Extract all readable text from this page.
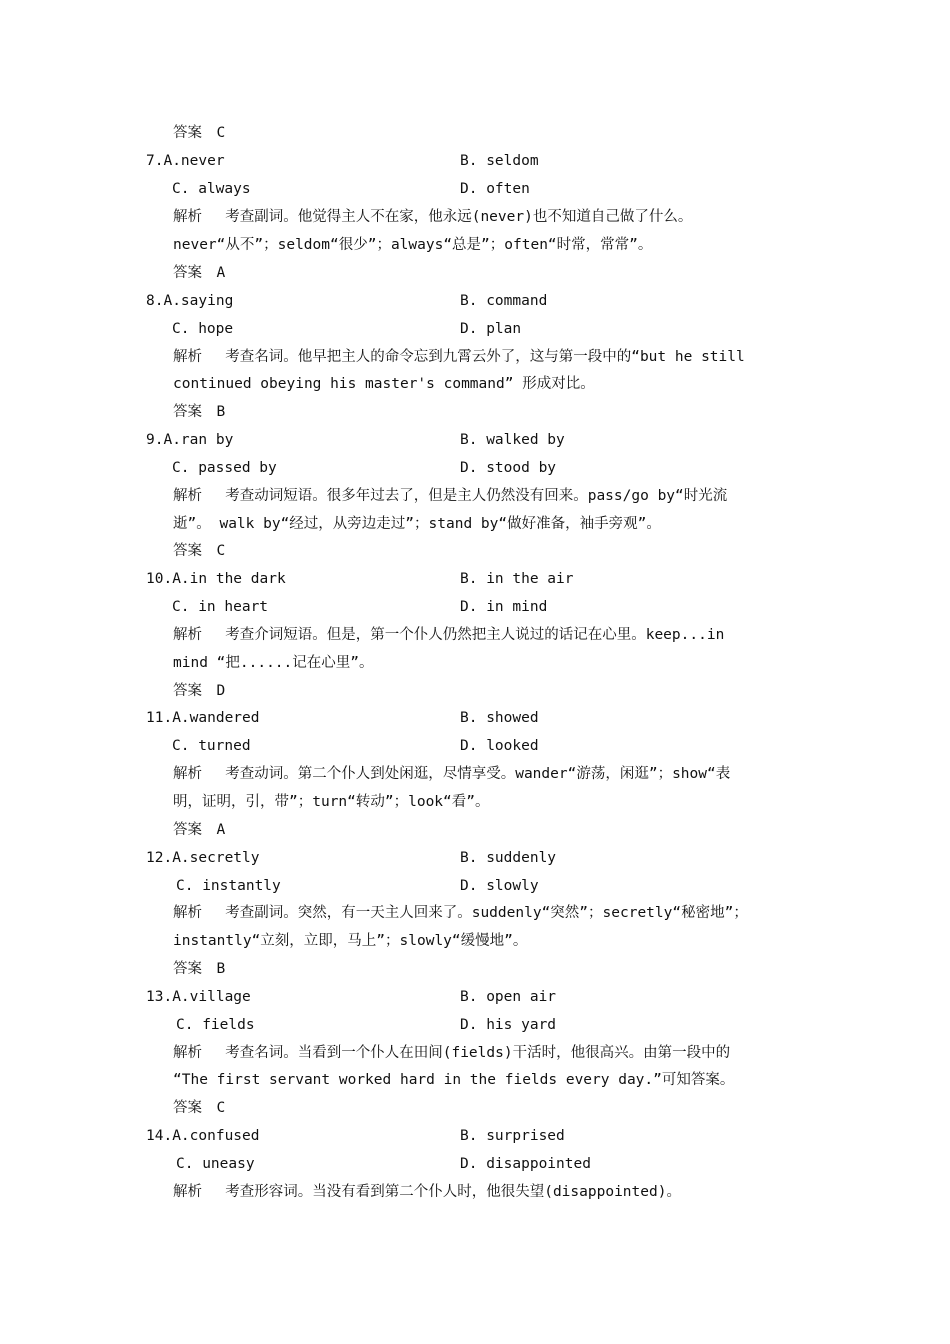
答案　C
7.A.never	B. seldom
C. always	D. often
解析　 考查副词。他觉得主人不在家，他永远(never)也不知道自己做了什么。
never“从不”；seldom“很少”；always“总是”；often“时常，常常”。
答案　A
8.A.saying	B. command
C. hope	D. plan
解析　 考查名词。他早把主人的命令忘到九霄云外了，这与第一段中的“but he still
continued obeying his master's command” 形成对比。
答案　B
9.A.ran by	B. walked by
C. passed by	D. stood by
解析　 考查动词短语。很多年过去了，但是主人仍然没有回来。pass/go by“时光流
逝”。 walk by“经过，从旁边走过”；stand by“做好准备，袖手旁观”。
答案　C
10.A.in the dark	B. in the air
C. in heart	D. in mind
解析　 考查介词短语。但是，第一个仆人仍然把主人说过的话记在心里。keep...in
mind “把......记在心里”。
答案　D
11.A.wandered	B. showed
C. turned	D. looked
解析　 考查动词。第二个仆人到处闲逛，尽情享受。wander“游荡，闲逛”；show“表
明，证明，引，带”；turn“转动”；look“看”。
答案　A
12.A.secretly	B. suddenly
C. instantly	D. slowly
解析　 考查副词。突然，有一天主人回来了。suddenly“突然”；secretly“秘密地”；
instantly“立刻，立即，马上”；slowly“缓慢地”。
答案　B
13.A.village	B. open air
C. fields	D. his yard
解析　 考查名词。当看到一个仆人在田间(fields)干活时，他很高兴。由第一段中的
“The first servant worked hard in the fields every day.”可知答案。
答案　C
14.A.confused	B. surprised
C. uneasy	D. disappointed
解析　 考查形容词。当没有看到第二个仆人时，他很失望(disappointed)。
